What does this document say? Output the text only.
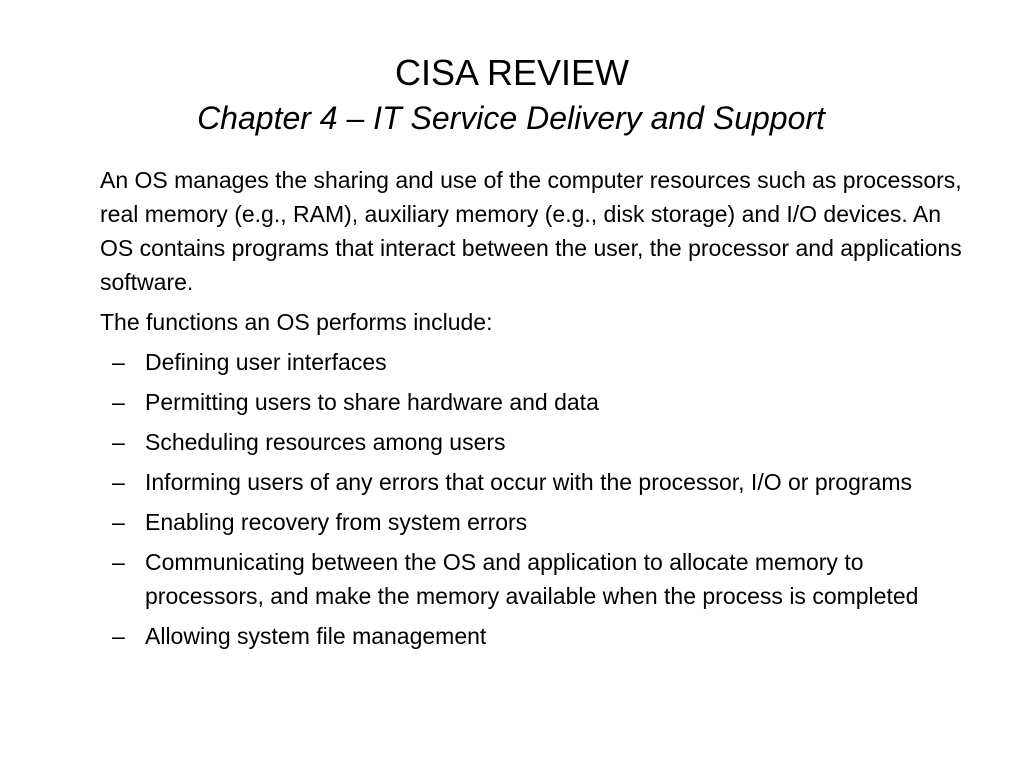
CISA REVIEW
Chapter 4 – IT Service Delivery and Support

An OS manages the sharing and use of the computer resources such as processors, real memory (e.g., RAM), auxiliary memory (e.g., disk storage) and I/O devices. An OS contains programs that interact between the user, the processor and applications software.

The functions an OS performs include:

– Defining user interfaces
– Permitting users to share hardware and data
– Scheduling resources among users
– Informing users of any errors that occur with the processor, I/O or programs
– Enabling recovery from system errors
– Communicating between the OS and application to allocate memory to processors, and make the memory available when the process is completed
– Allowing system file management
